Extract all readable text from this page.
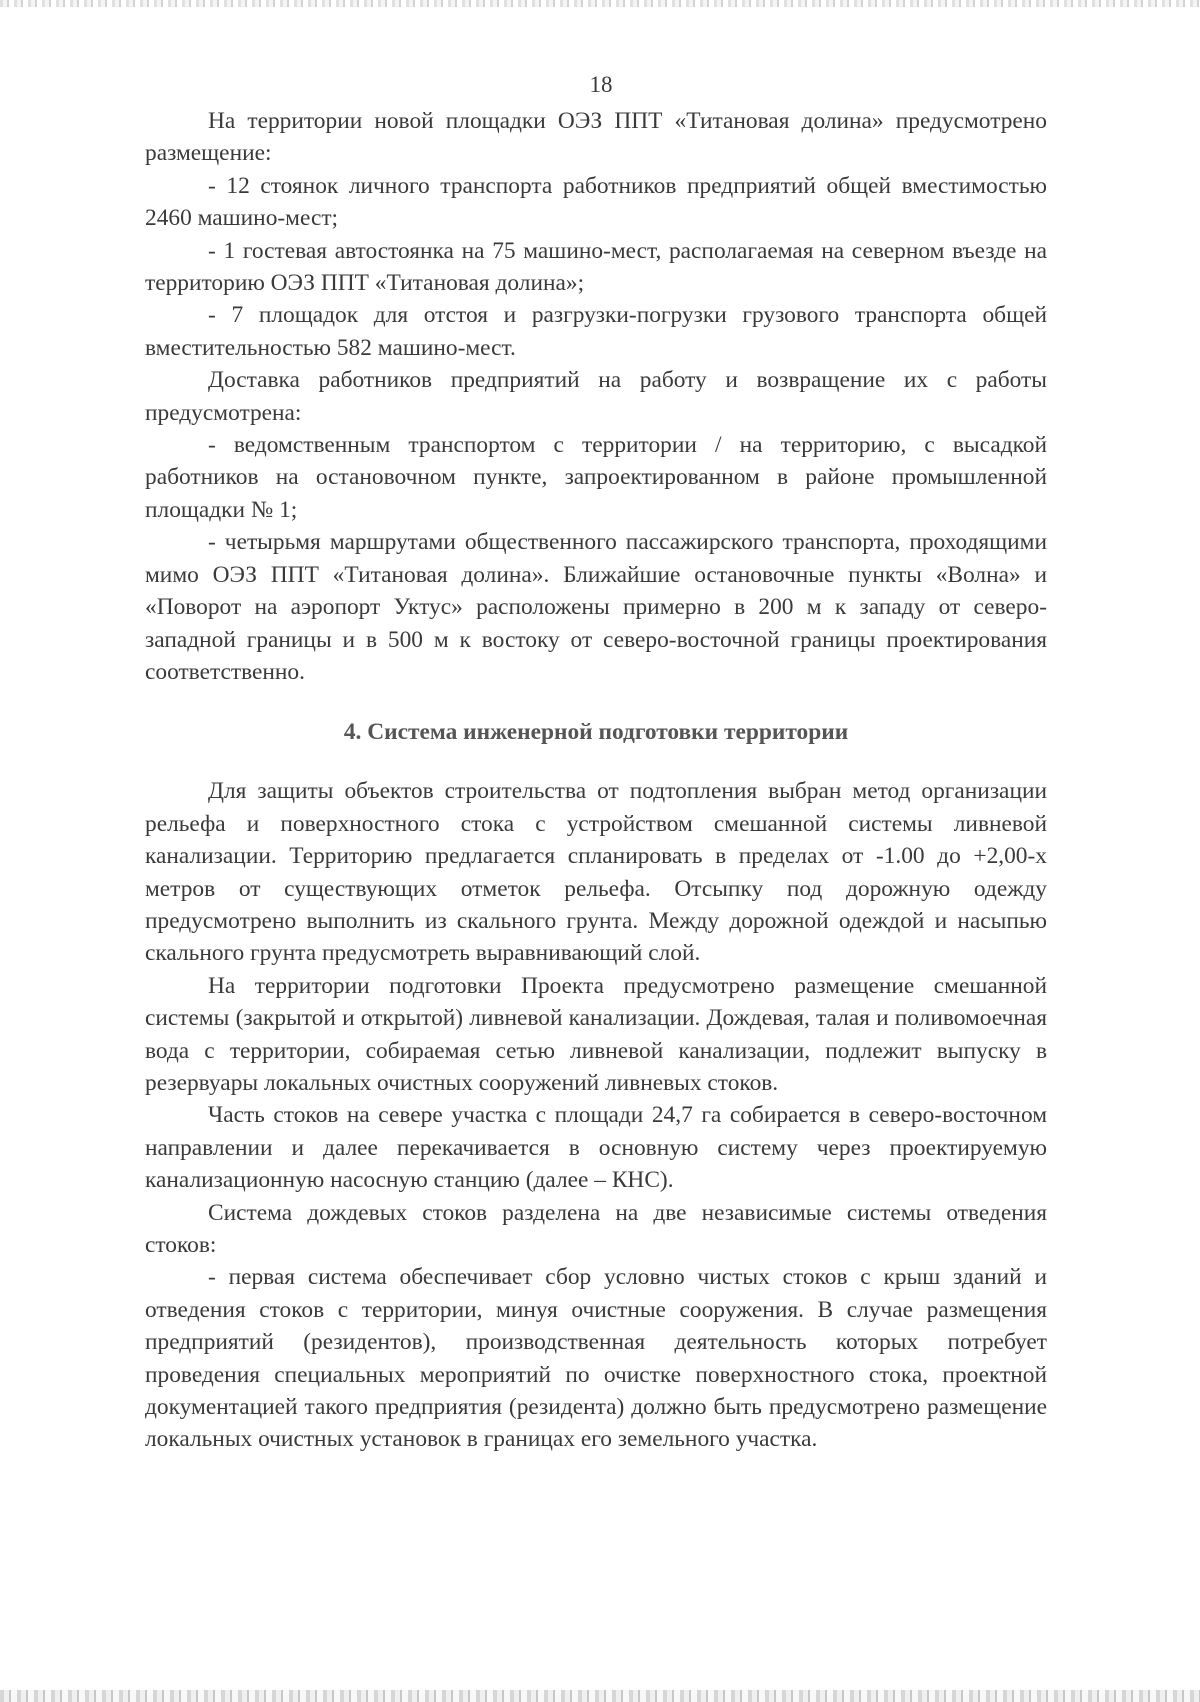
18

На территории новой площадки ОЭЗ ППТ «Титановая долина» предусмотрено размещение:

- 12 стоянок личного транспорта работников предприятий общей вместимостью 2460 машино-мест;

- 1 гостевая автостоянка на 75 машино-мест, располагаемая на северном въезде на территорию ОЭЗ ППТ «Титановая долина»;

- 7 площадок для отстоя и разгрузки-погрузки грузового транспорта общей вместительностью 582 машино-мест.

Доставка работников предприятий на работу и возвращение их с работы предусмотрена:

- ведомственным транспортом с территории / на территорию, с высадкой работников на остановочном пункте, запроектированном в районе промышленной площадки № 1;

- четырьмя маршрутами общественного пассажирского транспорта, проходящими мимо ОЭЗ ППТ «Титановая долина». Ближайшие остановочные пункты «Волна» и «Поворот на аэропорт Уктус» расположены примерно в 200 м к западу от северо-западной границы и в 500 м к востоку от северо-восточной границы проектирования соответственно.

4. Система инженерной подготовки территории

Для защиты объектов строительства от подтопления выбран метод организации рельефа и поверхностного стока с устройством смешанной системы ливневой канализации. Территорию предлагается спланировать в пределах от -1.00 до +2,00-х метров от существующих отметок рельефа. Отсыпку под дорожную одежду предусмотрено выполнить из скального грунта. Между дорожной одеждой и насыпью скального грунта предусмотреть выравнивающий слой.

На территории подготовки Проекта предусмотрено размещение смешанной системы (закрытой и открытой) ливневой канализации. Дождевая, талая и поливомоечная вода с территории, собираемая сетью ливневой канализации, подлежит выпуску в резервуары локальных очистных сооружений ливневых стоков.

Часть стоков на севере участка с площади 24,7 га собирается в северо-восточном направлении и далее перекачивается в основную систему через проектируемую канализационную насосную станцию (далее – КНС).

Система дождевых стоков разделена на две независимые системы отведения стоков:

- первая система обеспечивает сбор условно чистых стоков с крыш зданий и отведения стоков с территории, минуя очистные сооружения. В случае размещения предприятий (резидентов), производственная деятельность которых потребует проведения специальных мероприятий по очистке поверхностного стока, проектной документацией такого предприятия (резидента) должно быть предусмотрено размещение локальных очистных установок в границах его земельного участка.
